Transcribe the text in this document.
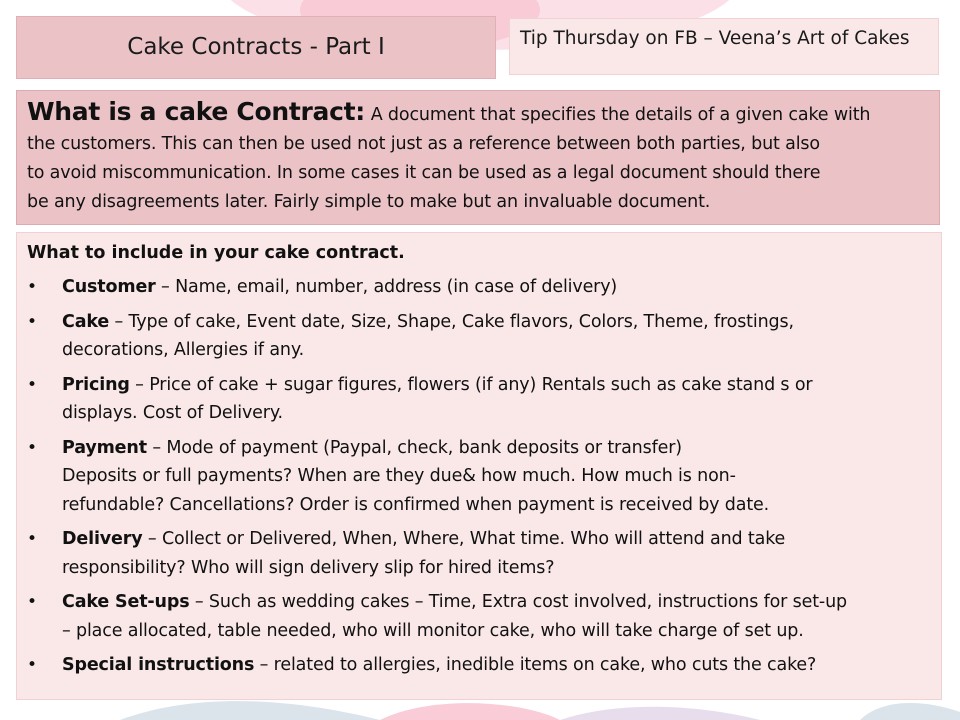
Cake Contracts - Part I	Tip Thursday on FB – Veena’s Art of Cakes

What is a cake Contract: A document that specifies the details of a given cake with

the customers. This can then be used not just as a reference between both parties, but also

to avoid miscommunication. In some cases it can be used as a legal document should there

be any disagreements later. Fairly simple to make but an invaluable document.

What to include in your cake contract.

• Customer – Name, email, number, address (in case of delivery)
• Cake – Type of cake, Event date, Size, Shape, Cake flavors, Colors, Theme, frostings,
decorations, Allergies if any.
• Pricing – Price of cake + sugar figures, flowers (if any) Rentals such as cake stand s or
displays. Cost of Delivery.
• Payment – Mode of payment (Paypal, check, bank deposits or transfer)
Deposits or full payments? When are they due& how much. How much is non-
refundable? Cancellations? Order is confirmed when payment is received by date.
• Delivery – Collect or Delivered, When, Where, What time. Who will attend and take
responsibility? Who will sign delivery slip for hired items?
• Cake Set-ups – Such as wedding cakes – Time, Extra cost involved, instructions for set-up
– place allocated, table needed, who will monitor cake, who will take charge of set up.
• Special instructions – related to allergies, inedible items on cake, who cuts the cake?
